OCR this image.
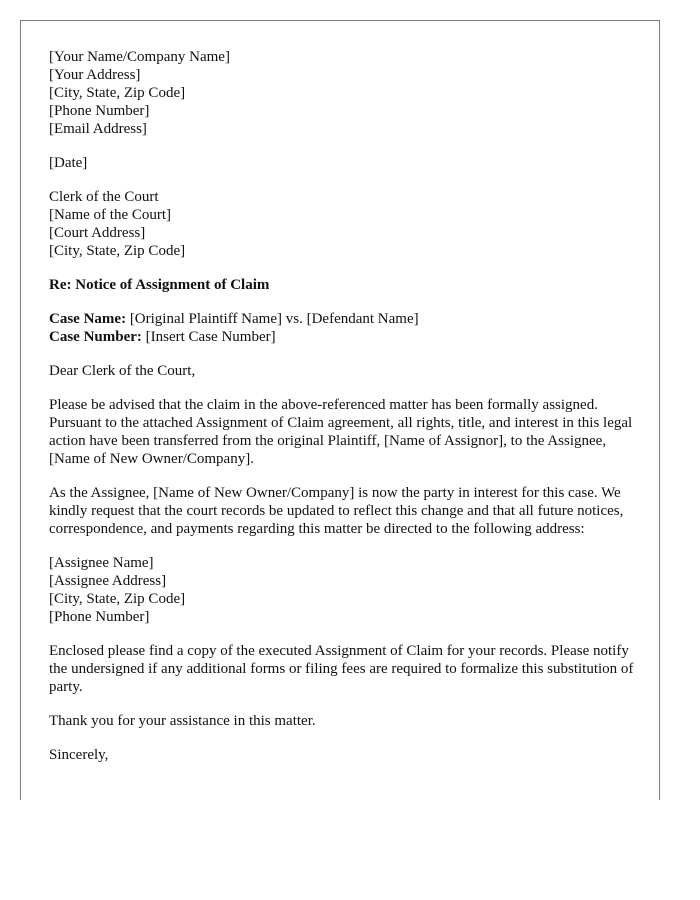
[Your Name/Company Name]
[Your Address]
[City, State, Zip Code]
[Phone Number]
[Email Address]
[Date]
Clerk of the Court
[Name of the Court]
[Court Address]
[City, State, Zip Code]
Re: Notice of Assignment of Claim
Case Name: [Original Plaintiff Name] vs. [Defendant Name]
Case Number: [Insert Case Number]

Dear Clerk of the Court,

Please be advised that the claim in the above-referenced matter has been formally assigned. Pursuant to the attached Assignment of Claim agreement, all rights, title, and interest in this legal action have been transferred from the original Plaintiff, [Name of Assignor], to the Assignee, [Name of New Owner/Company].

As the Assignee, [Name of New Owner/Company] is now the party in interest for this case. We kindly request that the court records be updated to reflect this change and that all future notices, correspondence, and payments regarding this matter be directed to the following address:

[Assignee Name]
[Assignee Address]
[City, State, Zip Code]
[Phone Number]

Enclosed please find a copy of the executed Assignment of Claim for your records. Please notify the undersigned if any additional forms or filing fees are required to formalize this substitution of party.

Thank you for your assistance in this matter.

Sincerely,
